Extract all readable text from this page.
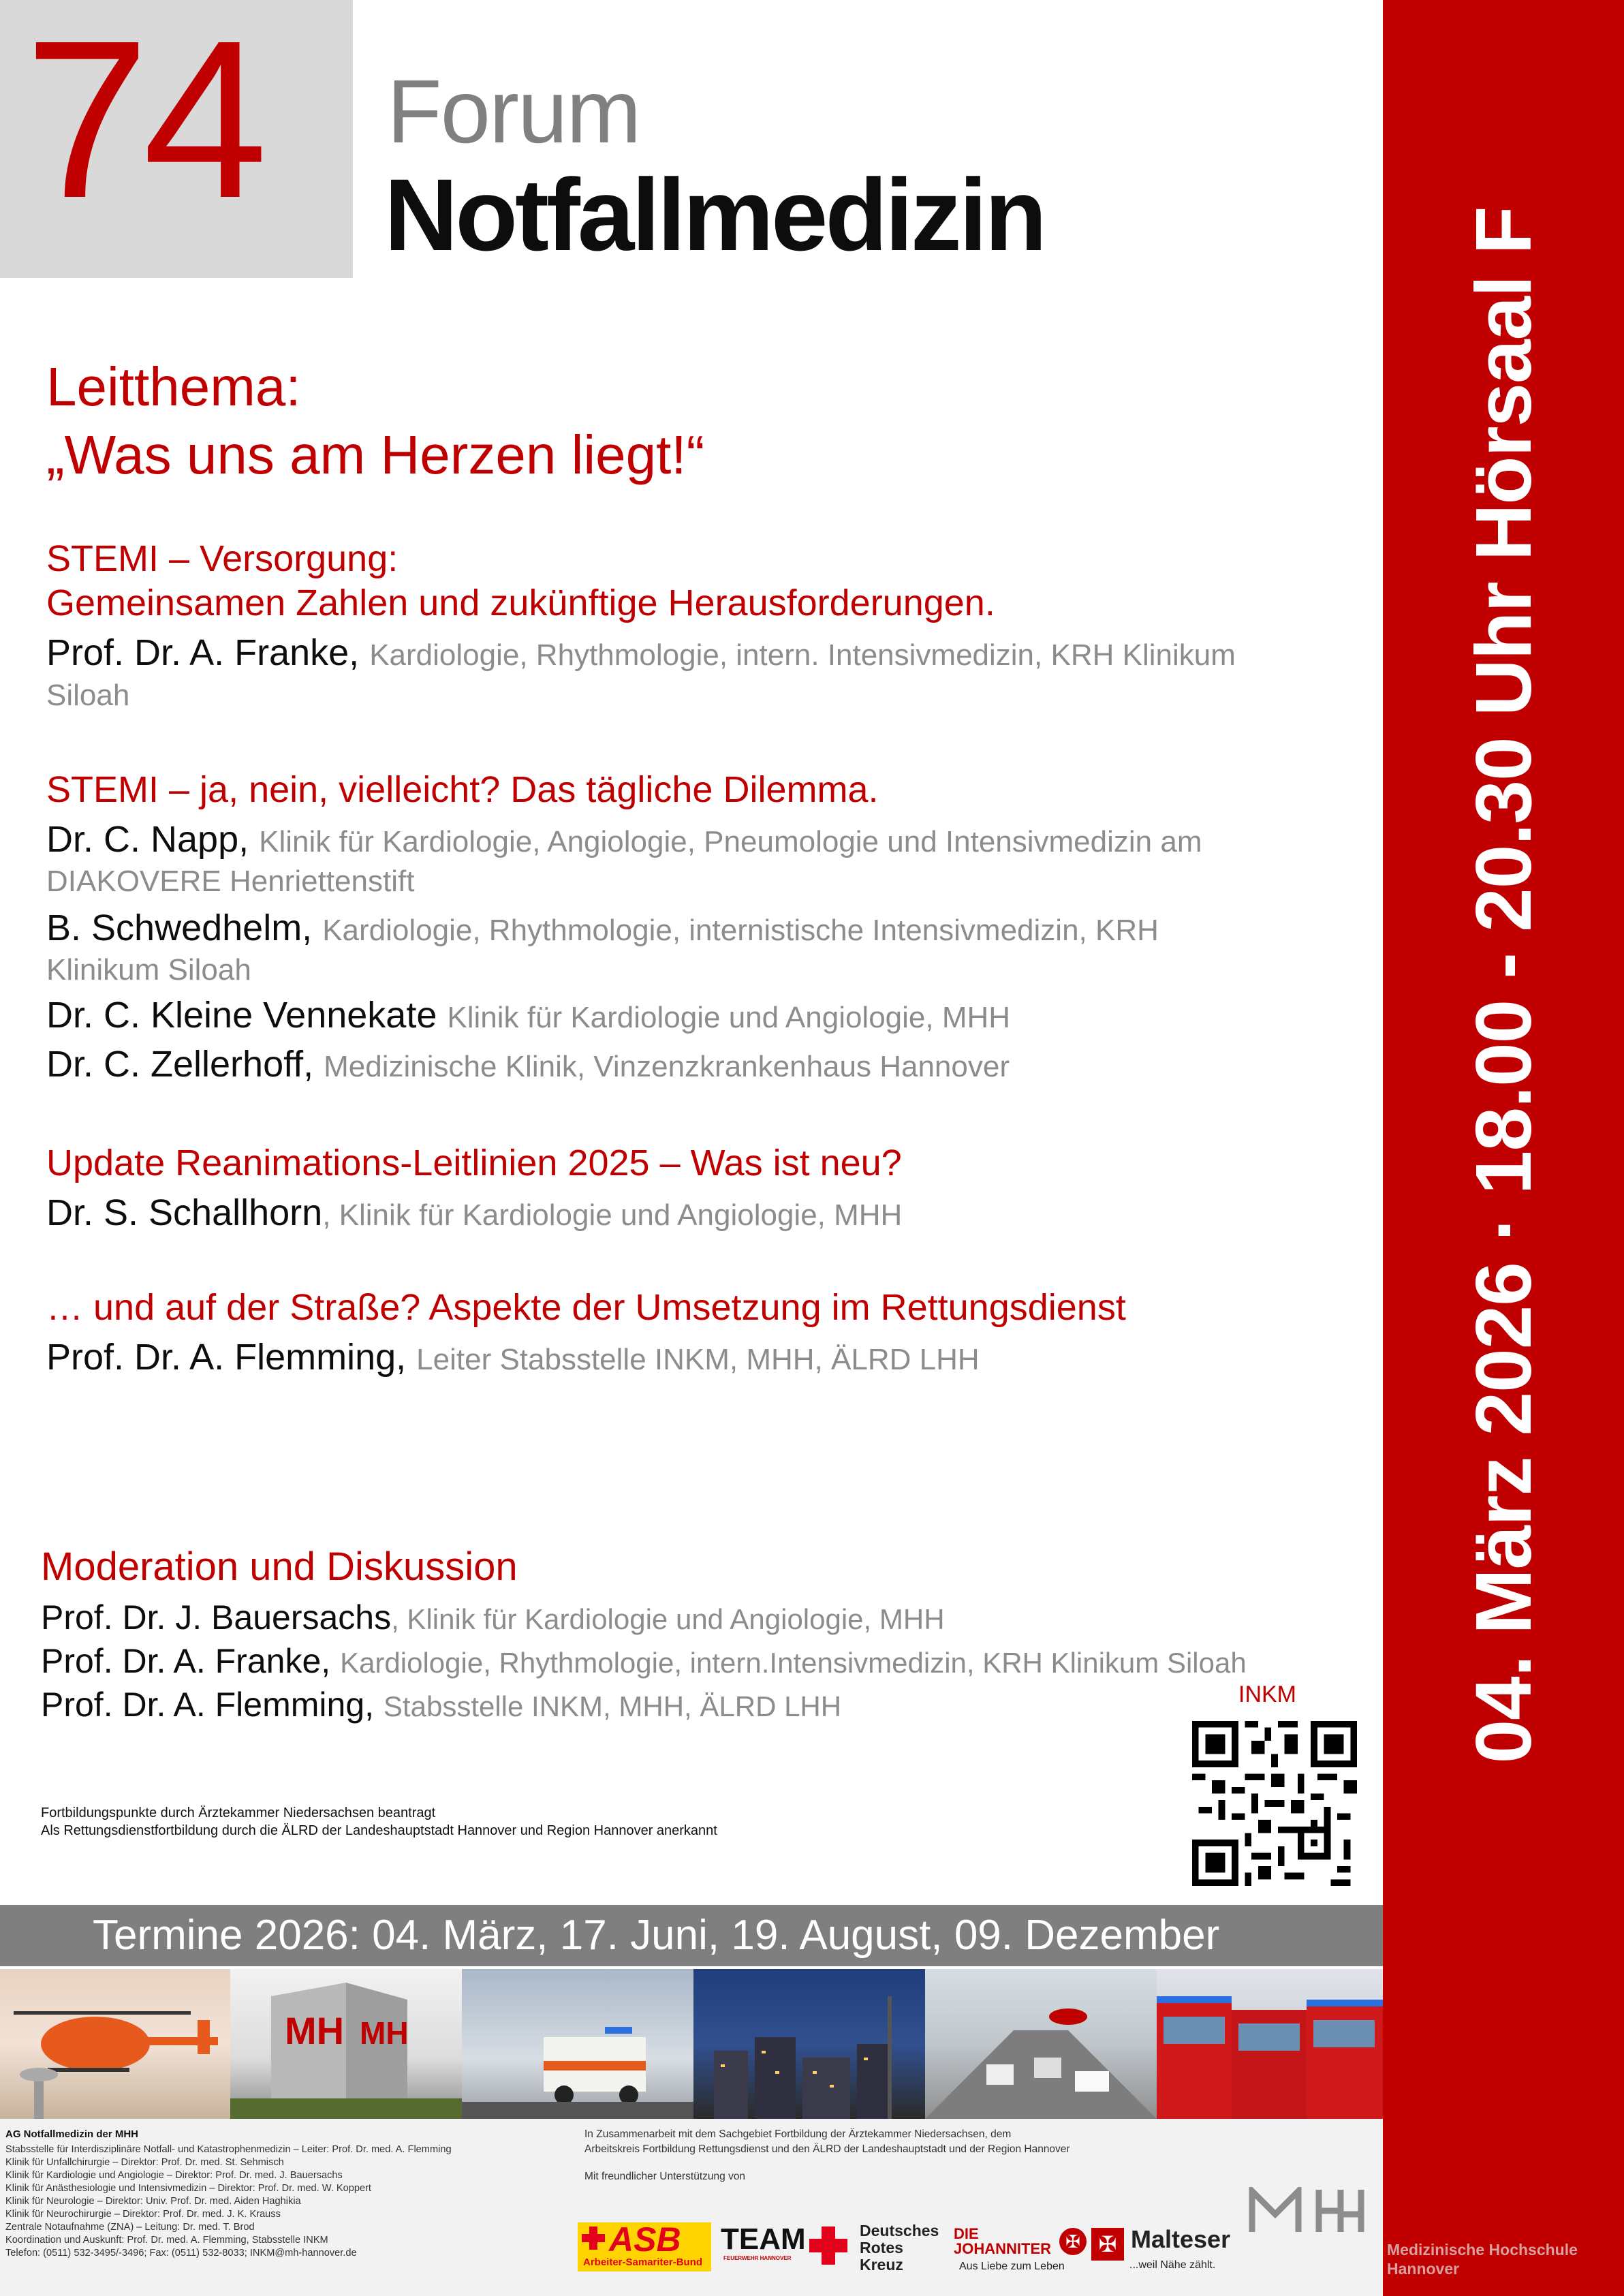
74 Forum
Notfallmedizin	04. März 2026 · 18.00 - 20.30 Uhr Hörsaal F
Leitthema:
„Was uns am Herzen liegt!“
STEMI – Versorgung:
Gemeinsamen Zahlen und zukünftige Herausforderungen.
Prof. Dr. A. Franke, Kardiologie, Rhythmologie, intern. Intensivmedizin, KRH Klinikum
Siloah
STEMI – ja, nein, vielleicht? Das tägliche Dilemma.
Dr. C. Napp, Klinik für Kardiologie, Angiologie, Pneumologie und Intensivmedizin am
DIAKOVERE Henriettenstift
B. Schwedhelm, Kardiologie, Rhythmologie, internistische Intensivmedizin, KRH
Klinikum Siloah
Dr. C. Kleine Vennekate Klinik für Kardiologie und Angiologie, MHH
Dr. C. Zellerhoff, Medizinische Klinik, Vinzenzkrankenhaus Hannover
Update Reanimations-Leitlinien 2025 – Was ist neu?
Dr. S. Schallhorn, Klinik für Kardiologie und Angiologie, MHH
… und auf der Straße? Aspekte der Umsetzung im Rettungsdienst
Prof. Dr. A. Flemming, Leiter Stabsstelle INKM, MHH, ÄLRD LHH
Moderation und Diskussion
Prof. Dr. J. Bauersachs, Klinik für Kardiologie und Angiologie, MHH
Prof. Dr. A. Franke, Kardiologie, Rhythmologie, intern.Intensivmedizin, KRH Klinikum Siloah
Prof. Dr. A. Flemming, Stabsstelle INKM, MHH, ÄLRD LHH	INKM
Fortbildungspunkte durch Ärztekammer Niedersachsen beantragt
Als Rettungsdienstfortbildung durch die ÄLRD der Landeshauptstadt Hannover und Region Hannover anerkannt
Termine 2026: 04. März, 17. Juni, 19. August, 09. Dezember
MH MH
AG Notfallmedizin der MHH
Stabsstelle für Interdisziplinäre Notfall- und Katastrophenmedizin – Leiter: Prof. Dr. med. A. Flemming
Klinik für Unfallchirurgie – Direktor: Prof. Dr. med. St. Sehmisch
Klinik für Kardiologie und Angiologie – Direktor: Prof. Dr. med. J. Bauersachs
Klinik für Anästhesiologie und Intensivmedizin – Direktor: Prof. Dr. med. W. Koppert
Klinik für Neurologie – Direktor: Univ. Prof. Dr. med. Aiden Haghikia
Klinik für Neurochirurgie – Direktor: Prof. Dr. med. J. K. Krauss
Zentrale Notaufnahme (ZNA) – Leitung: Dr. med. T. Brod
Koordination und Auskunft: Prof. Dr. med. A. Flemming, Stabsstelle INKM
Telefon: (0511) 532-3495/-3496; Fax: (0511) 532-8033; INKM@mh-hannover.de
In Zusammenarbeit mit dem Sachgebiet Fortbildung der Ärztekammer Niedersachsen, dem
Arbeitskreis Fortbildung Rettungsdienst und den ÄLRD der Landeshauptstadt und der Region Hannover
Mit freundlicher Unterstützung von
ASB
Arbeiter-Samariter-Bund
TEAM
FEUERWEHR HANNOVER
Deutsches
Rotes
Kreuz
DIE JOHANNITER
Aus Liebe zum Leben
✠ ✠ Malteser
...weil Nähe zählt.
Medizinische Hochschule
Hannover
